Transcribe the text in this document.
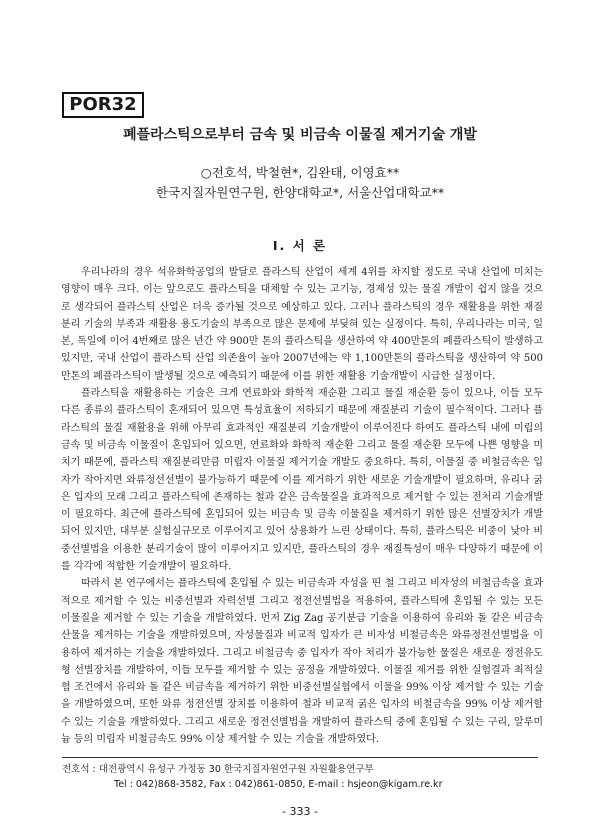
POR32
폐플라스틱으로부터 금속 및 비금속 이물질 제거기술 개발
○전호석, 박철현*, 김완태, 이영효**
한국지질자원연구원, 한양대학교*, 서울산업대학교**
I. 서 론

우리나라의 경우 석유화학공업의 발달로 플라스틱 산업이 세계 4위를 차지할 정도로 국내 산업에 미치는 영향이 매우 크다. 이는 앞으로도 플라스틱을 대체할 수 있는 고기능, 경제성 있는 물질 개발이 쉽지 않을 것으로 생각되어 플라스틱 산업은 더욱 증가될 것으로 예상하고 있다. 그러나 플라스틱의 경우 재활용을 위한 재질분리 기술의 부족과 재활용 용도기술의 부족으로 많은 문제에 부딪혀 있는 실정이다. 특히, 우리나라는 미국, 일본, 독일에 이어 4번째로 많은 년간 약 900만 톤의 플라스틱을 생산하여 약 400만톤의 폐플라스틱이 발생하고 있지만, 국내 산업이 플라스틱 산업 의존율이 높아 2007년에는 약 1,100만톤의 플라스틱을 생산하여 약 500만톤의 폐플라스틱이 발생될 것으로 예측되기 때문에 이를 위한 재활용 기술개발이 시급한 실정이다.

플라스틱을 재활용하는 기술은 크게 연료화와 화학적 재순환 그리고 물질 재순환 등이 있으나, 이들 모두 다른 종류의 플라스틱이 혼재되어 있으면 특성효율이 저하되기 때문에 재질분리 기술이 필수적이다. 그러나 플라스틱의 물질 재활용을 위해 아무리 효과적인 재질분리 기술개발이 이루어진다 하여도 플라스틱 내에 미립의 금속 및 비금속 이물질이 혼입되어 있으면, 연료화와 화학적 재순환 그리고 물질 재순환 모두에 나쁜 영향을 미치기 때문에, 플라스틱 재질분리만큼 미립자 이물질 제거기술 개발도 중요하다. 특히, 이물질 중 비철금속은 입자가 작아지면 와류정선선별이 불가능하기 때문에 이를 제거하기 위한 새로운 기술개발이 필요하며, 유리나 굵은 입자의 모래 그리고 플라스틱에 존재하는 철과 같은 금속물질을 효과적으로 제거할 수 있는 전처리 기술개발이 필요하다. 최근에 플라스틱에 혼입되어 있는 비금속 및 금속 이물질을 제거하기 위한 많은 선별장치가 개발되어 있지만, 대부분 실험실규모로 이루어지고 있어 상용화가 느린 상태이다. 특히, 플라스틱은 비중이 낮아 비중선별법을 이용한 분리기술이 많이 이루어지고 있지만, 플라스틱의 경우 재질특성이 매우 다양하기 때문에 이를 각각에 적합한 기술개발이 필요하다.

따라서 본 연구에서는 플라스틱에 혼입될 수 있는 비금속과 자성을 띤 철 그리고 비자성의 비철금속을 효과적으로 제거할 수 있는 비중선별과 자력선별 그리고 정전선별법을 적용하여, 플라스틱에 혼입될 수 있는 모든 이물질을 제거할 수 있는 기술을 개발하였다. 먼저 Zig Zag 공기분급 기술을 이용하여 유리와 돌 같은 비금속 산물을 제거하는 기술을 개발하였으며, 자성물질과 비교적 입자가 큰 비자성 비철금속은 와류정전선별법을 이용하여 제거하는 기술을 개발하였다. 그리고 비철금속 중 입자가 작아 처리가 불가능한 물질은 새로운 정전유도형 선별장치를 개발하여, 이들 모두를 제거할 수 있는 공정을 개발하였다. 이물질 제거를 위한 실험결과 최적실험 조건에서 유리와 돌 같은 비금속을 제거하기 위한 비중선별실험에서 이물을 99% 이상 제거할 수 있는 기술을 개발하였으며, 또한 와류 정전선별 장치를 이용하여 철과 비교적 굵은 입자의 비철금속을 99% 이상 제거할 수 있는 기술을 개발하였다. 그리고 새로운 정전선별법을 개발하여 플라스틱 중에 혼입될 수 있는 구리, 알루미늄 등의 미립자 비철금속도 99% 이상 제거할 수 있는 기술을 개발하였다.

전호석 : 대전광역시 유성구 가정동 30 한국지질자원연구원 자원활용연구부
Tel : 042)868-3582, Fax : 042)861-0850, E-mail : hsjeon@kigam.re.kr
- 333 -
